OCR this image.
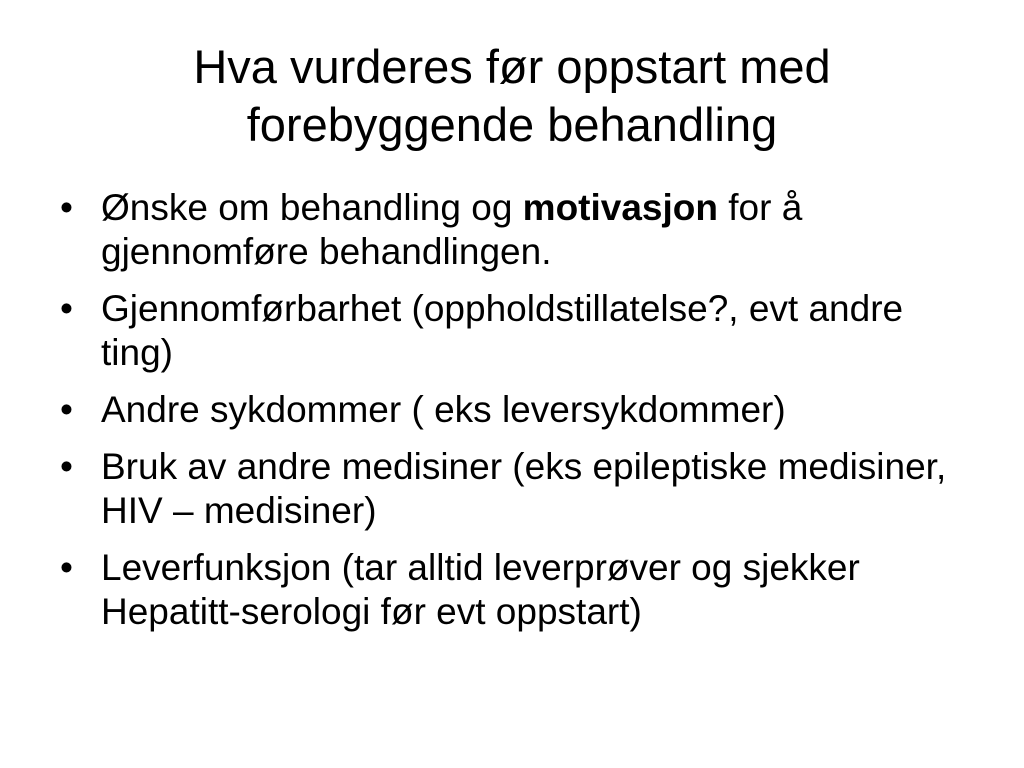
Hva vurderes før oppstart med
forebyggende behandling
• Ønske om behandling og motivasjon for å gjennomføre behandlingen.
• Gjennomførbarhet (oppholdstillatelse?, evt andre ting)
• Andre sykdommer ( eks leversykdommer)
• Bruk av andre medisiner (eks epileptiske medisiner, HIV – medisiner)
• Leverfunksjon (tar alltid leverprøver og sjekker Hepatitt-serologi før evt oppstart)
